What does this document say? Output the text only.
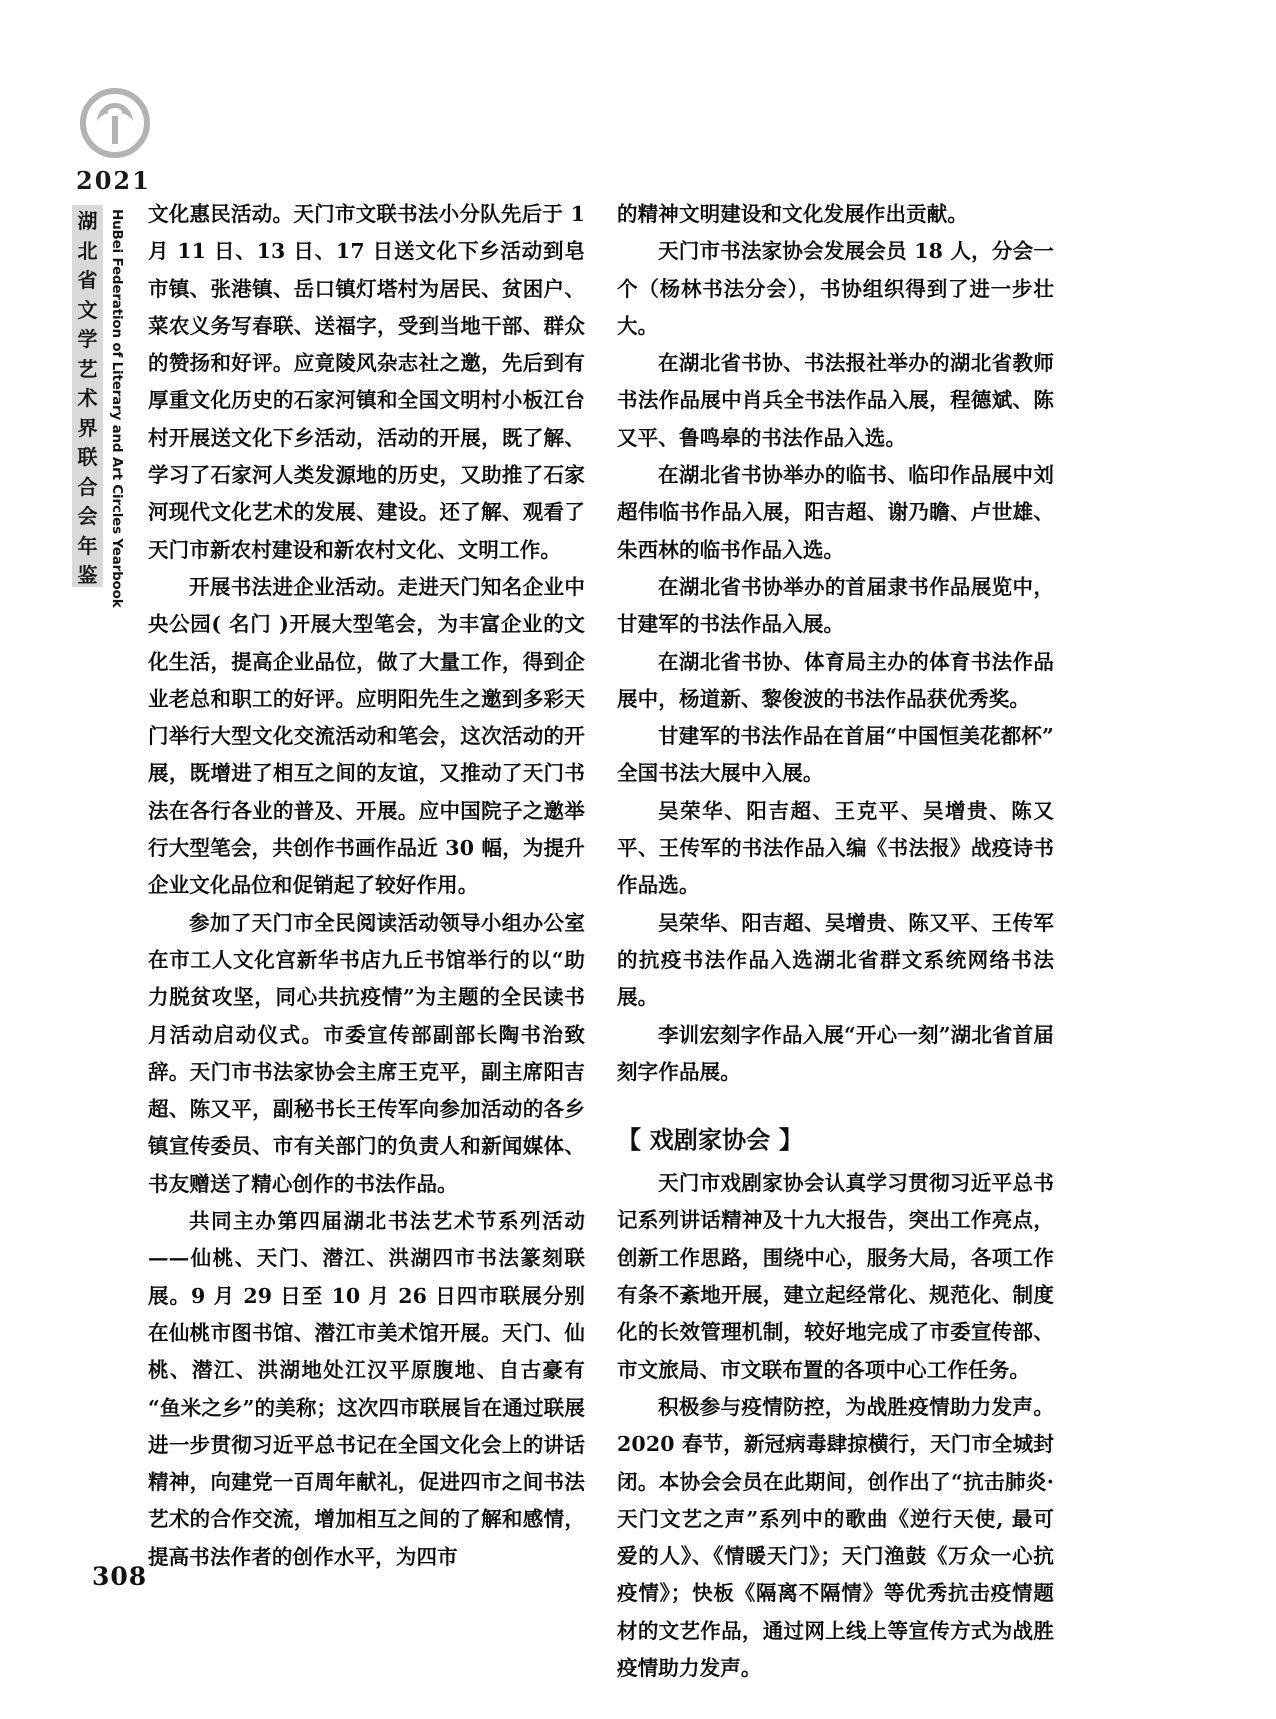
2021
湖
北
省
文
学
艺
术
界
联
合
会
年
鉴 HuBei Federation of Literary and Art Circles Yearbook 文化惠民活动。天门市文联书法小分队先后于 1 月 11 日、13 日、17 日送文化下乡活动到皂市镇、张港镇、岳口镇灯塔村为居民、贫困户、菜农义务写春联、送福字，受到当地干部、群众的赞扬和好评。应竟陵风杂志社之邀，先后到有厚重文化历史的石家河镇和全国文明村小板江台村开展送文化下乡活动，活动的开展，既了解、学习了石家河人类发源地的历史，又助推了石家河现代文化艺术的发展、建设。还了解、观看了天门市新农村建设和新农村文化、文明工作。

开展书法进企业活动。走进天门知名企业中央公园( 名门 )开展大型笔会，为丰富企业的文化生活，提高企业品位，做了大量工作，得到企业老总和职工的好评。应明阳先生之邀到多彩天门举行大型文化交流活动和笔会，这次活动的开展，既增进了相互之间的友谊，又推动了天门书法在各行各业的普及、开展。应中国院子之邀举行大型笔会，共创作书画作品近 30 幅，为提升企业文化品位和促销起了较好作用。

参加了天门市全民阅读活动领导小组办公室在市工人文化宫新华书店九丘书馆举行的以“助力脱贫攻坚，同心共抗疫情”为主题的全民读书月活动启动仪式。市委宣传部副部长陶书治致辞。天门市书法家协会主席王克平，副主席阳吉超、陈又平，副秘书长王传军向参加活动的各乡镇宣传委员、市有关部门的负责人和新闻媒体、书友赠送了精心创作的书法作品。

共同主办第四届湖北书法艺术节系列活动——仙桃、天门、潜江、洪湖四市书法篆刻联展。9 月 29 日至 10 月 26 日四市联展分别在仙桃市图书馆、潜江市美术馆开展。天门、仙桃、潜江、洪湖地处江汉平原腹地、自古豪有“鱼米之乡”的美称；这次四市联展旨在通过联展进一步贯彻习近平总书记在全国文化会上的讲话精神，向建党一百周年献礼，促进四市之间书法艺术的合作交流，增加相互之间的了解和感情，提高书法作者的创作水平，为四市

的精神文明建设和文化发展作出贡献。

天门市书法家协会发展会员 18 人，分会一个（杨林书法分会），书协组织得到了进一步壮大。

在湖北省书协、书法报社举办的湖北省教师书法作品展中肖兵全书法作品入展，程德斌、陈又平、鲁鸣皋的书法作品入选。

在湖北省书协举办的临书、临印作品展中刘超伟临书作品入展，阳吉超、谢乃瞻、卢世雄、朱西林的临书作品入选。

在湖北省书协举办的首届隶书作品展览中，甘建军的书法作品入展。

在湖北省书协、体育局主办的体育书法作品展中，杨道新、黎俊波的书法作品获优秀奖。

甘建军的书法作品在首届“中国恒美花都杯”全国书法大展中入展。

吴荣华、阳吉超、王克平、吴增贵、陈又平、王传军的书法作品入编《书法报》战疫诗书作品选。

吴荣华、阳吉超、吴增贵、陈又平、王传军的抗疫书法作品入选湖北省群文系统网络书法展。

李训宏刻字作品入展“开心一刻”湖北省首届刻字作品展。

【 戏剧家协会 】

天门市戏剧家协会认真学习贯彻习近平总书记系列讲话精神及十九大报告，突出工作亮点，创新工作思路，围绕中心，服务大局，各项工作有条不紊地开展，建立起经常化、规范化、制度化的长效管理机制，较好地完成了市委宣传部、市文旅局、市文联布置的各项中心工作任务。

积极参与疫情防控，为战胜疫情助力发声。2020 春节，新冠病毒肆掠横行，天门市全城封闭。本协会会员在此期间，创作出了“抗击肺炎·天门文艺之声”系列中的歌曲《逆行天使, 最可爱的人》、《情暖天门》；天门渔鼓《万众一心抗疫情》；快板《隔离不隔情》等优秀抗击疫情题材的文艺作品，通过网上线上等宣传方式为战胜疫情助力发声。

308
